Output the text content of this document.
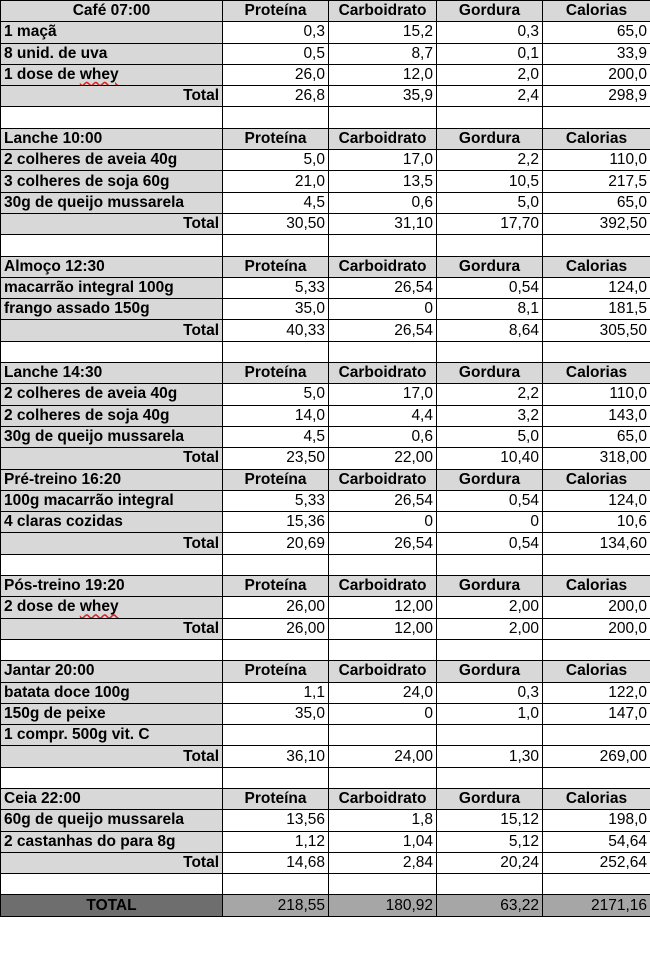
Café 07:00	Proteína	Carboidrato	Gordura	Calorias
1 maçã	0,3	15,2	0,3	65,0
8 unid. de uva	0,5	8,7	0,1	33,9
1 dose de whey	26,0	12,0	2,0	200,0
Total	26,8	35,9	2,4	298,9

Lanche 10:00	Proteína	Carboidrato	Gordura	Calorias
2 colheres de aveia 40g	5,0	17,0	2,2	110,0
3 colheres de soja 60g	21,0	13,5	10,5	217,5
30g de queijo mussarela	4,5	0,6	5,0	65,0
Total	30,50	31,10	17,70	392,50

Almoço 12:30	Proteína	Carboidrato	Gordura	Calorias
macarrão integral 100g	5,33	26,54	0,54	124,0
frango assado 150g	35,0	0	8,1	181,5
Total	40,33	26,54	8,64	305,50

Lanche 14:30	Proteína	Carboidrato	Gordura	Calorias
2 colheres de aveia 40g	5,0	17,0	2,2	110,0
2 colheres de soja 40g	14,0	4,4	3,2	143,0
30g de queijo mussarela	4,5	0,6	5,0	65,0
Total	23,50	22,00	10,40	318,00
Pré-treino 16:20	Proteína	Carboidrato	Gordura	Calorias
100g macarrão integral	5,33	26,54	0,54	124,0
4 claras cozidas	15,36	0	0	10,6
Total	20,69	26,54	0,54	134,60

Pós-treino 19:20	Proteína	Carboidrato	Gordura	Calorias
2 dose de whey	26,00	12,00	2,00	200,0
Total	26,00	12,00	2,00	200,0

Jantar 20:00	Proteína	Carboidrato	Gordura	Calorias
batata doce 100g	1,1	24,0	0,3	122,0
150g de peixe	35,0	0	1,0	147,0
1 compr. 500g vit. C				
Total	36,10	24,00	1,30	269,00

Ceia 22:00	Proteína	Carboidrato	Gordura	Calorias
60g de queijo mussarela	13,56	1,8	15,12	198,0
2 castanhas do para 8g	1,12	1,04	5,12	54,64
Total	14,68	2,84	20,24	252,64

TOTAL	218,55	180,92	63,22	2171,16
